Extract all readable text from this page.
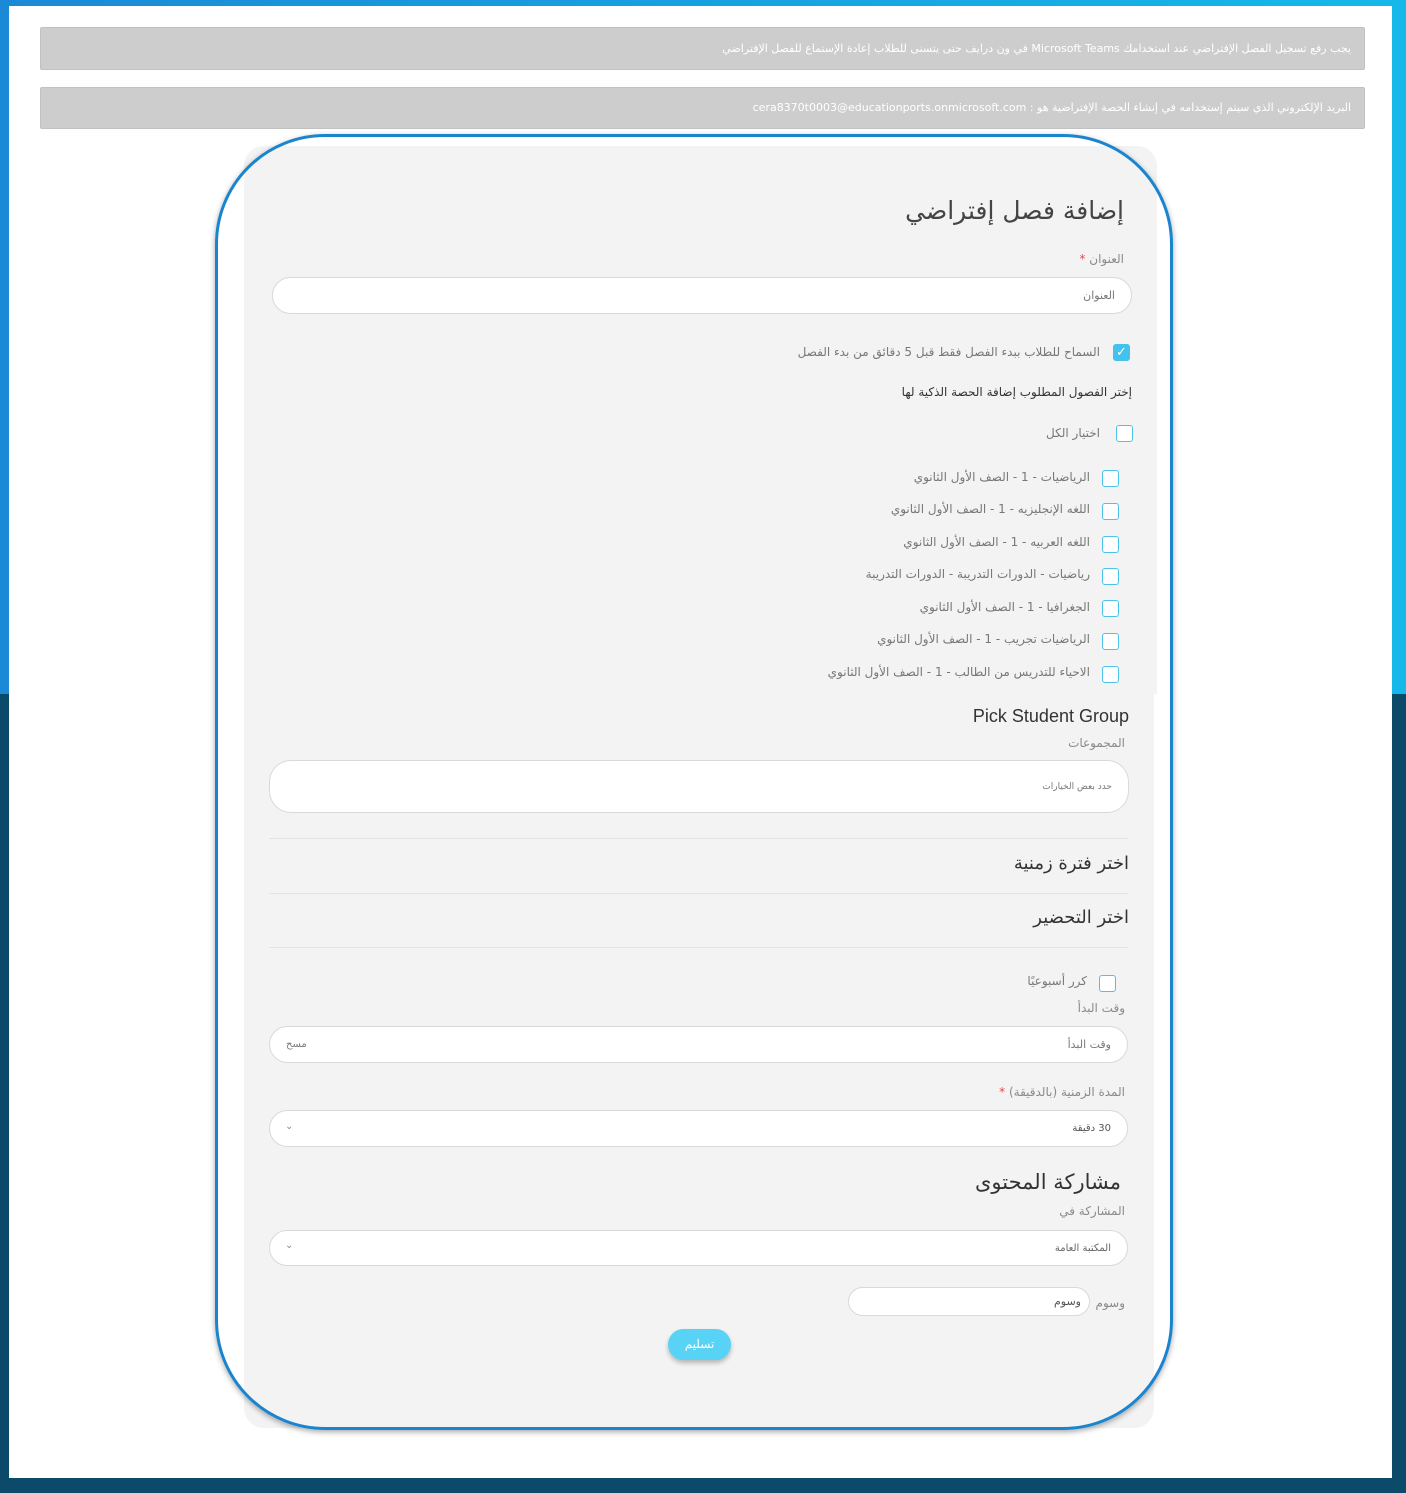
يجب رفع تسجيل الفصل الإفتراضي عند استخدامك Microsoft Teams في ون درايف حتى يتسنى للطلاب إعادة الإستماع للفصل الإفتراضي
البريد الإلكتروني الذي سيتم إستخدامه في إنشاء الحصة الإفتراضية هو : cera8370t0003@educationports.onmicrosoft.com
إضافة فصل إفتراضي
العنوان *
العنوان
✓
السماح للطلاب ببدء الفصل فقط قبل 5 دقائق من بدء الفصل
إختر الفصول المطلوب إضافة الحصة الذكية لها
اختيار الكل
الرياضيات - 1 - الصف الأول الثانوي
اللغه الإنجليزيه - 1 - الصف الأول الثانوي
اللغه العربيه - 1 - الصف الأول الثانوي
رياضيات - الدورات التدريبة - الدورات التدريبة
الجغرافيا - 1 - الصف الأول الثانوي
الرياضيات تجريب - 1 - الصف الأول الثانوي
الاحياء للتدريس من الطالب - 1 - الصف الأول الثانوي
Pick Student Group
المجموعات
حدد بعض الخيارات
اختر فترة زمنية
اختر التحضير
كرر أسبوعيًا
وقت البدأ
وقت البدأ
مسح
المدة الزمنية (بالدقيقة) *
30 دقيقة
⌄
مشاركة المحتوى
المشاركة في
المكتبة العامة
⌄
وسوم
وسوم
تسليم
